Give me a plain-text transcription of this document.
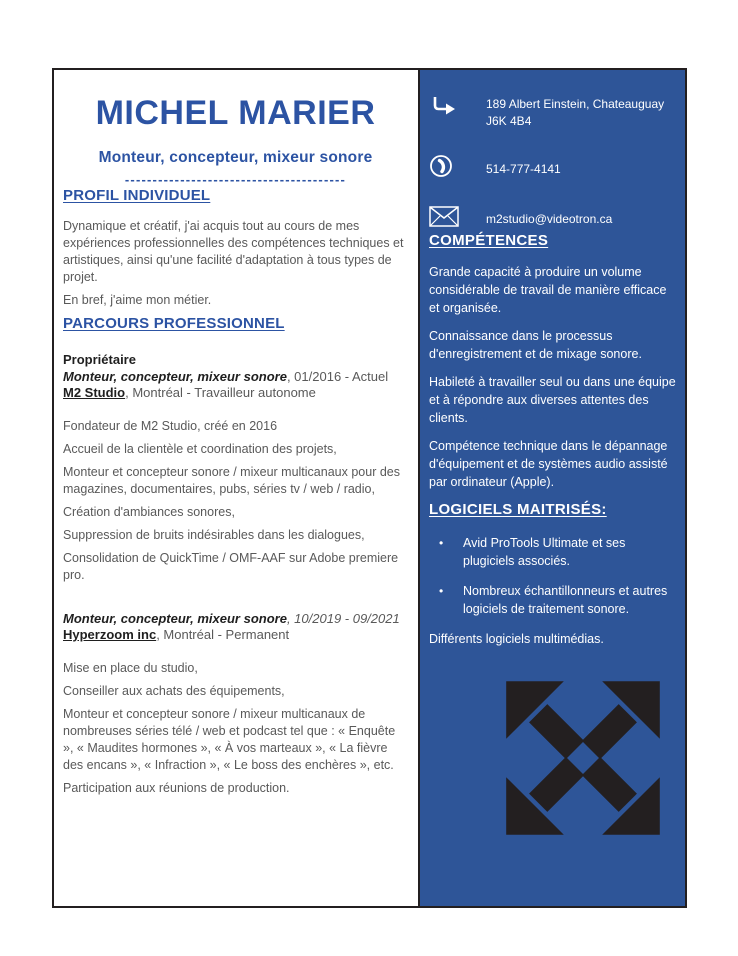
MICHEL MARIER
Monteur, concepteur, mixeur sonore
----------------------------------------
PROFIL INDIVIDUEL

Dynamique et créatif, j'ai acquis tout au cours de mes expériences professionnelles des compétences techniques et artistiques, ainsi qu'une facilité d'adaptation à tous types de projet.

En bref, j'aime mon métier.

PARCOURS PROFESSIONNEL
Propriétaire
Monteur, concepteur, mixeur sonore, 01/2016 - Actuel
M2 Studio, Montréal - Travailleur autonome

Fondateur de M2 Studio, créé en 2016

Accueil de la clientèle et coordination des projets,

Monteur et concepteur sonore / mixeur multicanaux pour des magazines, documentaires, pubs, séries tv / web / radio,

Création d'ambiances sonores,

Suppression de bruits indésirables dans les dialogues,

Consolidation de QuickTime / OMF-AAF sur Adobe premiere pro.

Monteur, concepteur, mixeur sonore, 10/2019 - 09/2021
Hyperzoom inc, Montréal - Permanent

Mise en place du studio,

Conseiller aux achats des équipements,

Monteur et concepteur sonore / mixeur multicanaux de nombreuses séries télé / web et podcast tel que : « Enquête », « Maudites hormones », « À vos marteaux », « La fièvre des encans », « Infraction », « Le boss des enchères », etc.

Participation aux réunions de production.

189 Albert Einstein, Chateauguay
J6K 4B4
514-777-4141
m2studio@videotron.ca
COMPÉTENCES

Grande capacité à produire un volume considérable de travail de manière efficace et organisée.

Connaissance dans le processus d'enregistrement et de mixage sonore.

Habileté à travailler seul ou dans une équipe et à répondre aux diverses attentes des clients.

Compétence technique dans le dépannage d'équipement et de systèmes audio assisté par ordinateur (Apple).

LOGICIELS MAITRISÉS:
•	Avid ProTools Ultimate et ses plugiciels associés.
•	Nombreux échantillonneurs et autres logiciels de traitement sonore.
Différents logiciels multimédias.
